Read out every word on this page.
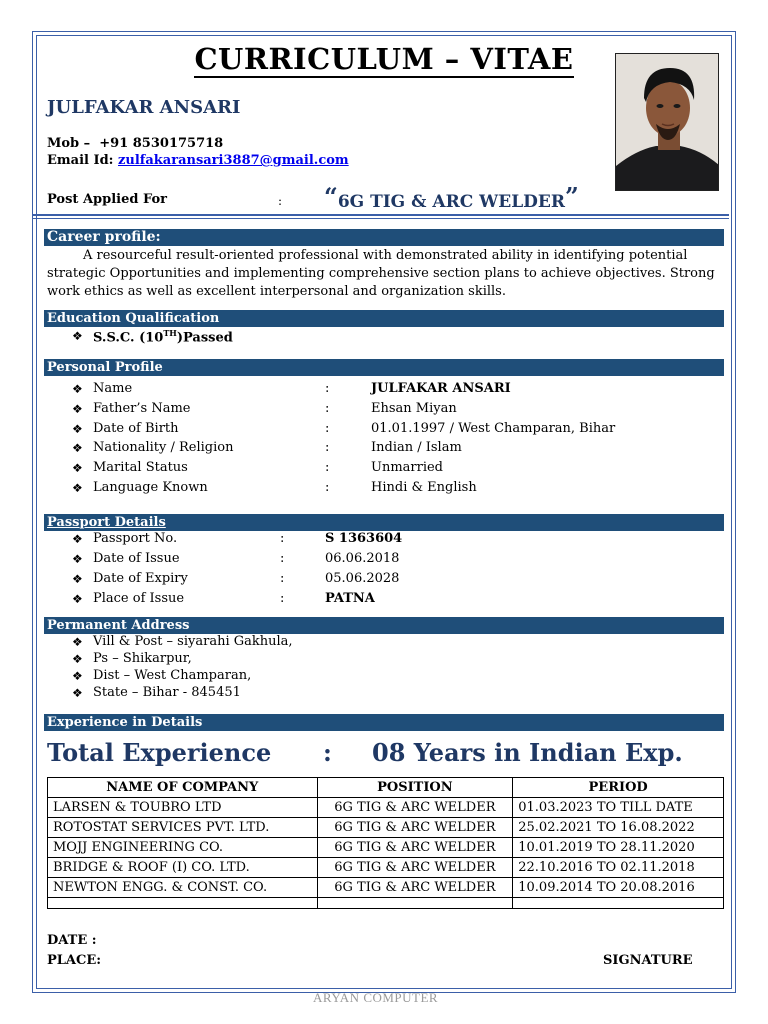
CURRICULUM – VITAE
JULFAKAR ANSARI
Mob – +91 8530175718
Email Id: zulfakaransari3887@gmail.com
Post Applied For	: “6G TIG & ARC WELDER”
Career profile:
A resourceful result-oriented professional with demonstrated ability in identifying potential strategic Opportunities and implementing comprehensive section plans to achieve objectives. Strong work ethics as well as excellent interpersonal and organization skills.
Education Qualification
❖ S.S.C. (10TH)Passed
Personal Profile
❖ Name	:	JULFAKAR ANSARI
❖ Father’s Name	:	Ehsan Miyan
❖ Date of Birth	:	01.01.1997 / West Champaran, Bihar
❖ Nationality / Religion	:	Indian / Islam
❖ Marital Status	:	Unmarried
❖ Language Known	:	Hindi & English
Passport Details
❖ Passport No.	:	S 1363604
❖ Date of Issue	:	06.06.2018
❖ Date of Expiry	:	05.06.2028
❖ Place of Issue	:	PATNA
Permanent Address
❖ Vill & Post – siyarahi Gakhula,
❖ Ps – Shikarpur,
❖ Dist – West Champaran,
❖ State – Bihar - 845451
Experience in Details
Total Experience : 08 Years in Indian Exp.
NAME OF COMPANY	POSITION	PERIOD
LARSEN & TOUBRO LTD	6G TIG & ARC WELDER	01.03.2023 TO TILL DATE
ROTOSTAT SERVICES PVT. LTD.	6G TIG & ARC WELDER	25.02.2021 TO 16.08.2022
MOJJ ENGINEERING CO.	6G TIG & ARC WELDER	10.01.2019 TO 28.11.2020
BRIDGE & ROOF (I) CO. LTD.	6G TIG & ARC WELDER	22.10.2016 TO 02.11.2018
NEWTON ENGG. & CONST. CO.	6G TIG & ARC WELDER	10.09.2014 TO 20.08.2016

DATE :
PLACE:	SIGNATURE
ARYAN COMPUTER
